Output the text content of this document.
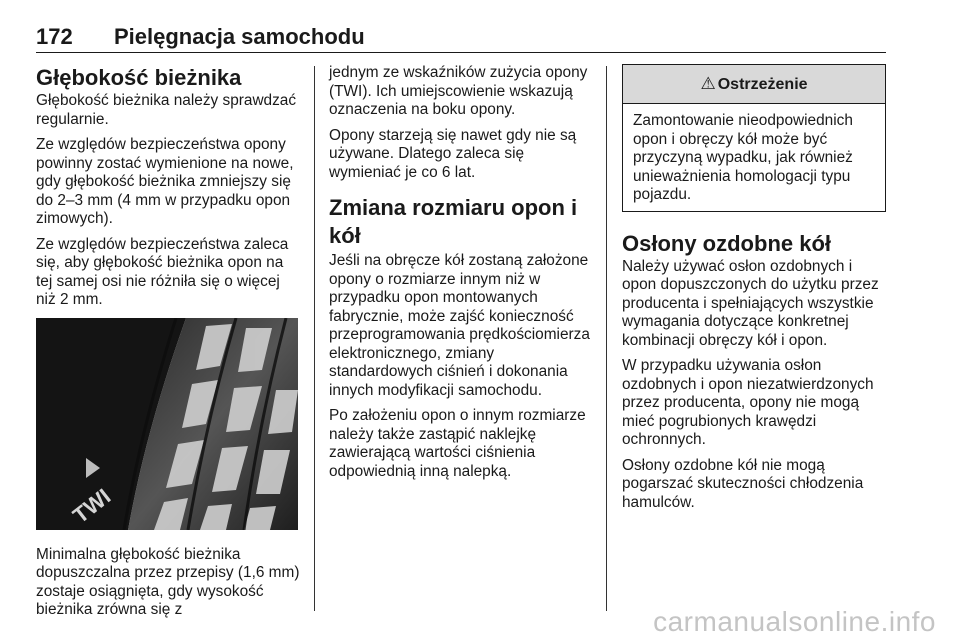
172 Pielęgnacja samochodu
Głębokość bieżnika

Głębokość bieżnika należy sprawdzać regularnie.

Ze względów bezpieczeństwa opony powinny zostać wymienione na nowe, gdy głębokość bieżnika zmniejszy się do 2–3 mm (4 mm w przypadku opon zimowych).

Ze względów bezpieczeństwa zaleca się, aby głębokość bieżnika opon na tej samej osi nie różniła się o więcej niż 2 mm.

TWI

Minimalna głębokość bieżnika dopuszczalna przez przepisy (1,6 mm) zostaje osiągnięta, gdy wysokość bieżnika zrówna się z

jednym ze wskaźników zużycia opony (TWI). Ich umiejscowienie wskazują oznaczenia na boku opony.

Opony starzeją się nawet gdy nie są używane. Dlatego zaleca się wymieniać je co 6 lat.

Zmiana rozmiaru opon i kół

Jeśli na obręcze kół zostaną założone opony o rozmiarze innym niż w przypadku opon montowanych fabrycznie, może zajść konieczność przeprogramowania prędkościomierza elektronicznego, zmiany standardowych ciśnień i dokonania innych modyfikacji samochodu.

Po założeniu opon o innym rozmiarze należy także zastąpić naklejkę zawierającą wartości ciśnienia odpowiednią inną nalepką.

⚠ Ostrzeżenie

Zamontowanie nieodpowiednich opon i obręczy kół może być przyczyną wypadku, jak również unieważnienia homologacji typu pojazdu.

Osłony ozdobne kół

Należy używać osłon ozdobnych i opon dopuszczonych do użytku przez producenta i spełniających wszystkie wymagania dotyczące konkretnej kombinacji obręczy kół i opon.

W przypadku używania osłon ozdobnych i opon niezatwierdzonych przez producenta, opony nie mogą mieć pogrubionych krawędzi ochronnych.

Osłony ozdobne kół nie mogą pogarszać skuteczności chłodzenia hamulców.

carmanualsonline.info
